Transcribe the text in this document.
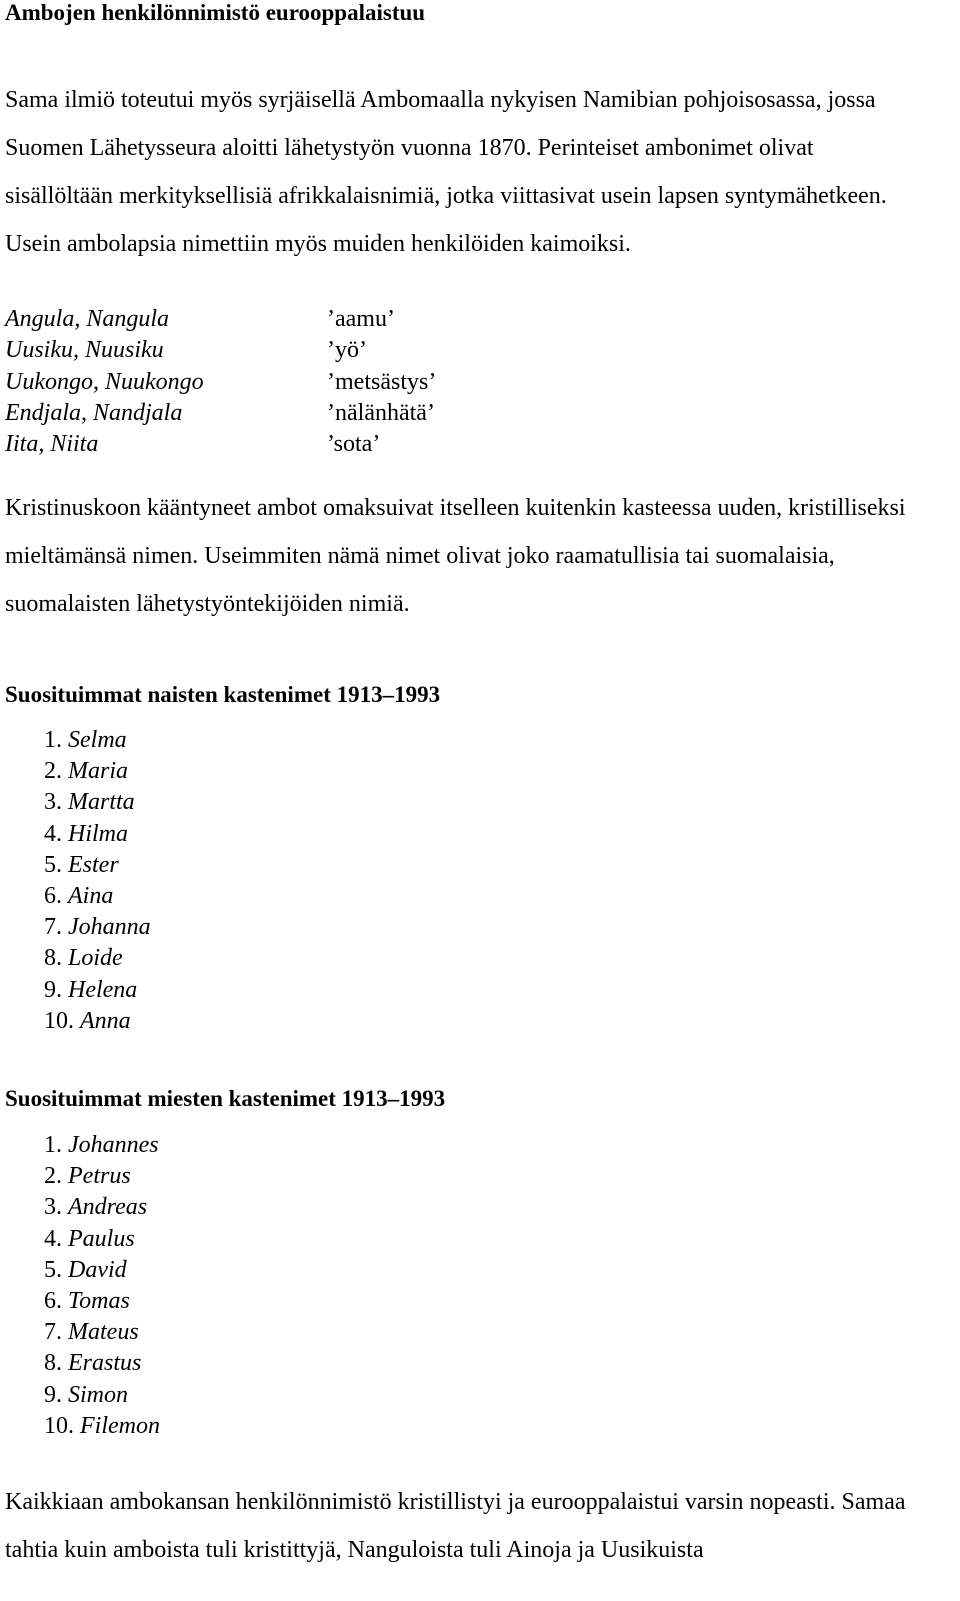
Ambojen henkilönnimistö eurooppalaistuu

Sama ilmiö toteutui myös syrjäisellä Ambomaalla nykyisen Namibian pohjoisosassa, jossa Suomen Lähetysseura aloitti lähetystyön vuonna 1870. Perinteiset ambonimet olivat sisällöltään merkityksellisiä afrikkalaisnimiä, jotka viittasivat usein lapsen syntymähetkeen. Usein ambolapsia nimettiin myös muiden henkilöiden kaimoiksi.

Angula, Nangula	’aamu’
Uusiku, Nuusiku	’yö’
Uukongo, Nuukongo	’metsästys’
Endjala, Nandjala	’nälänhätä’
Iita, Niita	’sota’

Kristinuskoon kääntyneet ambot omaksuivat itselleen kuitenkin kasteessa uuden, kristilliseksi mieltämänsä nimen. Useimmiten nämä nimet olivat joko raamatullisia tai suomalaisia, suomalaisten lähetystyöntekijöiden nimiä.

Suosituimmat naisten kastenimet 1913–1993
1. Selma
2. Maria
3. Martta
4. Hilma
5. Ester
6. Aina
7. Johanna
8. Loide
9. Helena
10. Anna
Suosituimmat miesten kastenimet 1913–1993
1. Johannes
2. Petrus
3. Andreas
4. Paulus
5. David
6. Tomas
7. Mateus
8. Erastus
9. Simon
10. Filemon

Kaikkiaan ambokansan henkilönnimistö kristillistyi ja eurooppalaistui varsin nopeasti. Samaa tahtia kuin amboista tuli kristittyjä, Nanguloista tuli Ainoja ja Uusikuista
